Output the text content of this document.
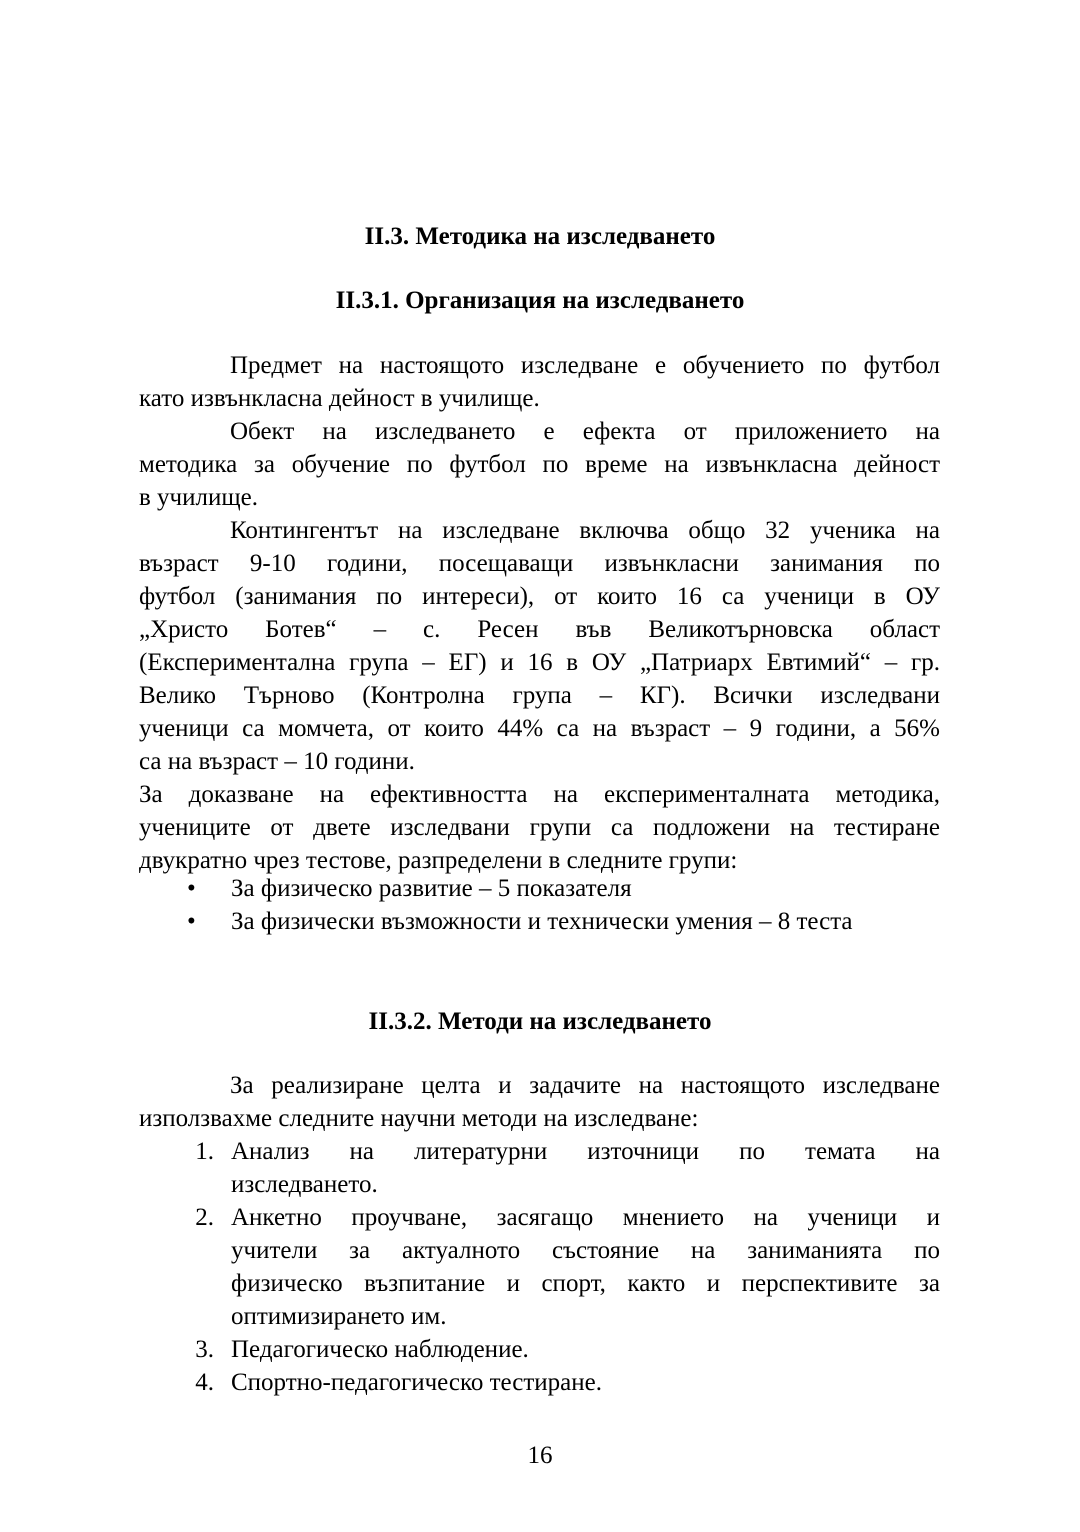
II.3. Методика на изследването
II.3.1. Организация на изследването
Предмет на настоящото изследване е обучението по футбол
като извънкласна дейност в училище.
Обект на изследването е ефекта от приложението на
методика за обучение по футбол по време на извънкласна дейност
в училище.
Контингентът на изследване включва общо 32 ученика на
възраст 9-10 години, посещаващи извънкласни занимания по
футбол (занимания по интереси), от които 16 са ученици в ОУ
„Христо Ботев“ – с. Ресен във Великотърновска област
(Експериментална група – ЕГ) и 16 в ОУ „Патриарх Евтимий“ – гр.
Велико Търново (Контролна група – КГ). Всички изследвани
ученици са момчета, от които 44% са на възраст – 9 години, а 56%
са на възраст – 10 години.
За доказване на ефективността на експерименталната методика,
учениците от двете изследвани групи са подложени на тестиране
двукратно чрез тестове, разпределени в следните групи:
• За физическо развитие – 5 показателя
• За физически възможности и технически умения – 8 теста
II.3.2. Методи на изследването
За реализиране целта и задачите на настоящото изследване
използвахме следните научни методи на изследване:
1. Анализ на литературни източници по темата на
изследването.
2. Анкетно проучване, засягащо мнението на ученици и
учители за актуалното състояние на заниманията по
физическо възпитание и спорт, както и перспективите за
оптимизирането им.
3. Педагогическо наблюдение.
4. Спортно-педагогическо тестиране.
16
